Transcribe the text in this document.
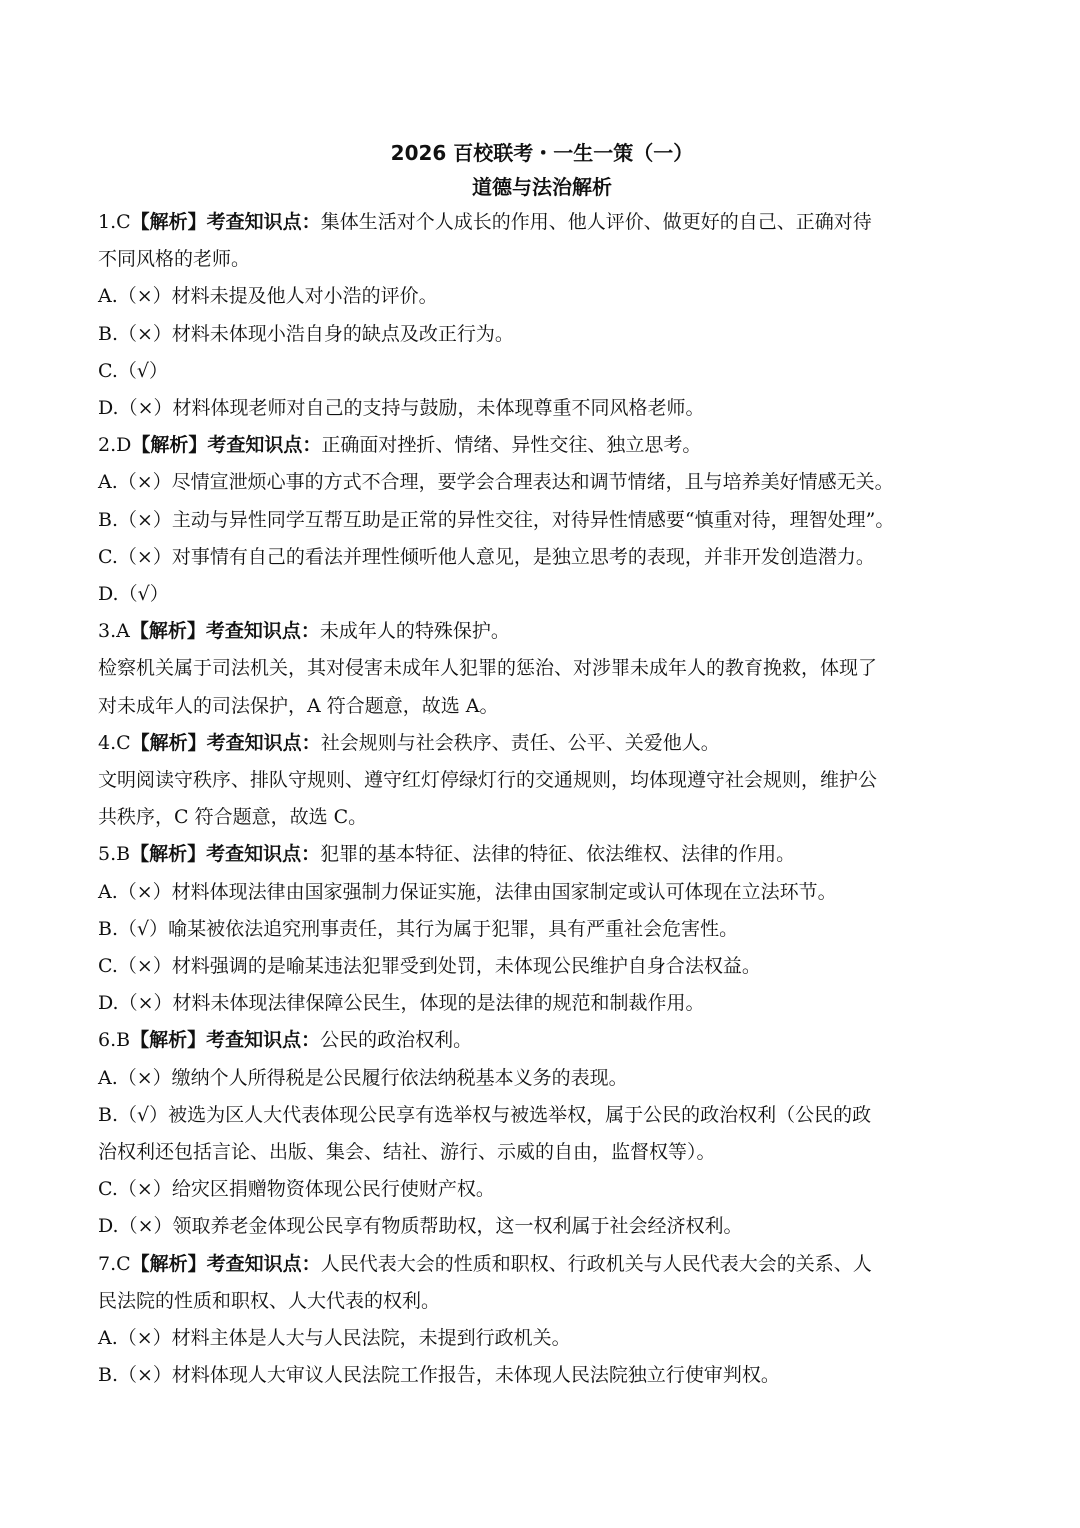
2026 百校联考・一生一策（一）
道德与法治解析
1.C【解析】考查知识点：集体生活对个人成长的作用、他人评价、做更好的自己、正确对待
不同风格的老师。
A.（×）材料未提及他人对小浩的评价。
B.（×）材料未体现小浩自身的缺点及改正行为。
C.（√）
D.（×）材料体现老师对自己的支持与鼓励，未体现尊重不同风格老师。
2.D【解析】考查知识点：正确面对挫折、情绪、异性交往、独立思考。
A.（×）尽情宣泄烦心事的方式不合理，要学会合理表达和调节情绪，且与培养美好情感无关。
B.（×）主动与异性同学互帮互助是正常的异性交往，对待异性情感要“慎重对待，理智处理”。
C.（×）对事情有自己的看法并理性倾听他人意见，是独立思考的表现，并非开发创造潜力。
D.（√）
3.A【解析】考查知识点：未成年人的特殊保护。
检察机关属于司法机关，其对侵害未成年人犯罪的惩治、对涉罪未成年人的教育挽救，体现了
对未成年人的司法保护，A 符合题意，故选 A。
4.C【解析】考查知识点：社会规则与社会秩序、责任、公平、关爱他人。
文明阅读守秩序、排队守规则、遵守红灯停绿灯行的交通规则，均体现遵守社会规则，维护公
共秩序，C 符合题意，故选 C。
5.B【解析】考查知识点：犯罪的基本特征、法律的特征、依法维权、法律的作用。
A.（×）材料体现法律由国家强制力保证实施，法律由国家制定或认可体现在立法环节。
B.（√）喻某被依法追究刑事责任，其行为属于犯罪，具有严重社会危害性。
C.（×）材料强调的是喻某违法犯罪受到处罚，未体现公民维护自身合法权益。
D.（×）材料未体现法律保障公民生，体现的是法律的规范和制裁作用。
6.B【解析】考查知识点：公民的政治权利。
A.（×）缴纳个人所得税是公民履行依法纳税基本义务的表现。
B.（√）被选为区人大代表体现公民享有选举权与被选举权，属于公民的政治权利（公民的政
治权利还包括言论、出版、集会、结社、游行、示威的自由，监督权等）。
C.（×）给灾区捐赠物资体现公民行使财产权。
D.（×）领取养老金体现公民享有物质帮助权，这一权利属于社会经济权利。
7.C【解析】考查知识点：人民代表大会的性质和职权、行政机关与人民代表大会的关系、人
民法院的性质和职权、人大代表的权利。
A.（×）材料主体是人大与人民法院，未提到行政机关。
B.（×）材料体现人大审议人民法院工作报告，未体现人民法院独立行使审判权。
